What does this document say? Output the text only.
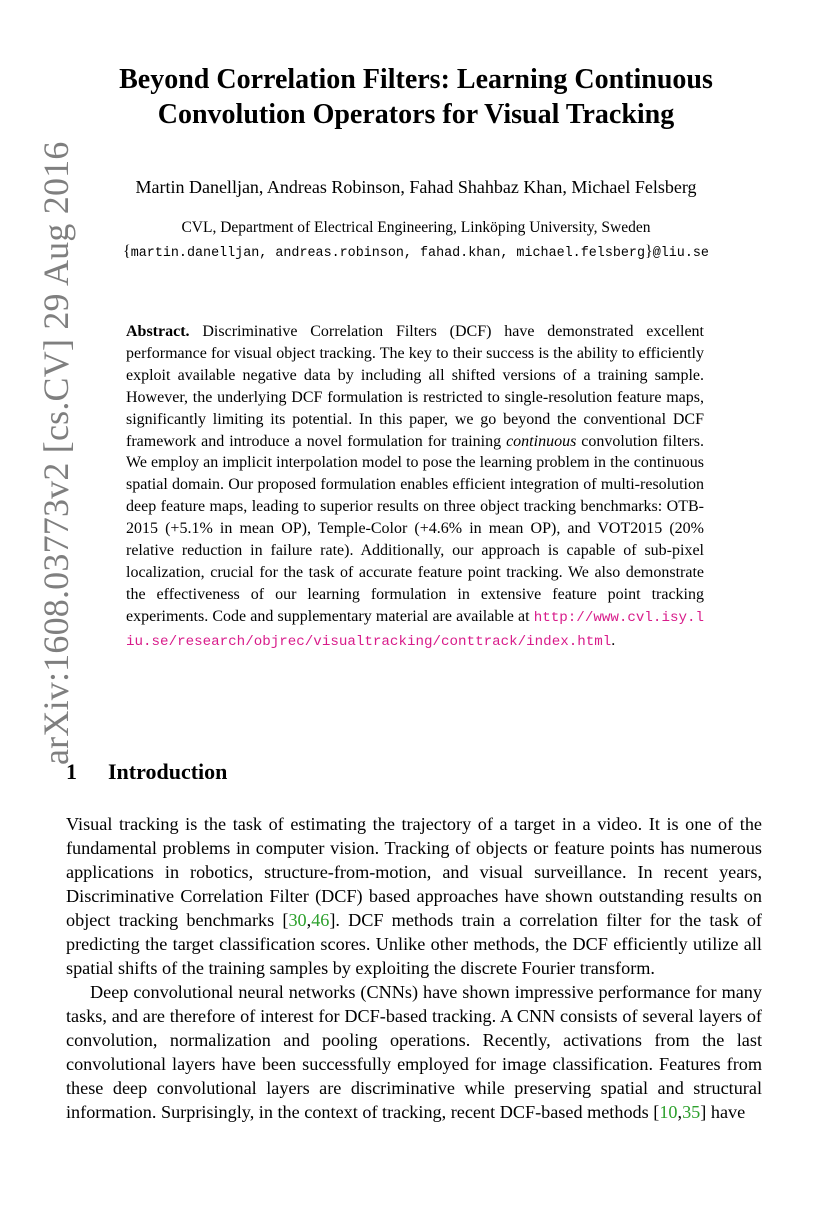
arXiv:1608.03773v2 [cs.CV] 29 Aug 2016
Beyond Correlation Filters: Learning Continuous
Convolution Operators for Visual Tracking
Martin Danelljan, Andreas Robinson, Fahad Shahbaz Khan, Michael Felsberg
CVL, Department of Electrical Engineering, Linköping University, Sweden
{martin.danelljan, andreas.robinson, fahad.khan, michael.felsberg}@liu.se
Abstract. Discriminative Correlation Filters (DCF) have demonstrated excellent performance for visual object tracking. The key to their success is the ability to efficiently exploit available negative data by including all shifted versions of a training sample. However, the underlying DCF formulation is restricted to single-resolution feature maps, significantly limiting its potential. In this paper, we go beyond the conventional DCF framework and introduce a novel formulation for training continuous convolution filters. We employ an implicit interpolation model to pose the learning problem in the continuous spatial domain. Our proposed formulation enables efficient integration of multi-resolution deep feature maps, leading to superior results on three object tracking benchmarks: OTB-2015 (+5.1% in mean OP), Temple-Color (+4.6% in mean OP), and VOT2015 (20% relative reduction in failure rate). Additionally, our approach is capable of sub-pixel localization, crucial for the task of accurate feature point tracking. We also demonstrate the effectiveness of our learning formulation in extensive feature point tracking experiments. Code and supplementary material are available at http://www.cvl.isy.liu.se/research/objrec/visualtracking/conttrack/index.html.
1 Introduction

Visual tracking is the task of estimating the trajectory of a target in a video. It is one of the fundamental problems in computer vision. Tracking of objects or feature points has numerous applications in robotics, structure-from-motion, and visual surveillance. In recent years, Discriminative Correlation Filter (DCF) based approaches have shown outstanding results on object tracking benchmarks [30,46]. DCF methods train a correlation filter for the task of predicting the target classification scores. Unlike other methods, the DCF efficiently utilize all spatial shifts of the training samples by exploiting the discrete Fourier transform.

Deep convolutional neural networks (CNNs) have shown impressive performance for many tasks, and are therefore of interest for DCF-based tracking. A CNN consists of several layers of convolution, normalization and pooling operations. Recently, activations from the last convolutional layers have been successfully employed for image classification. Features from these deep convolutional layers are discriminative while preserving spatial and structural information. Surprisingly, in the context of tracking, recent DCF-based methods [10,35] have
